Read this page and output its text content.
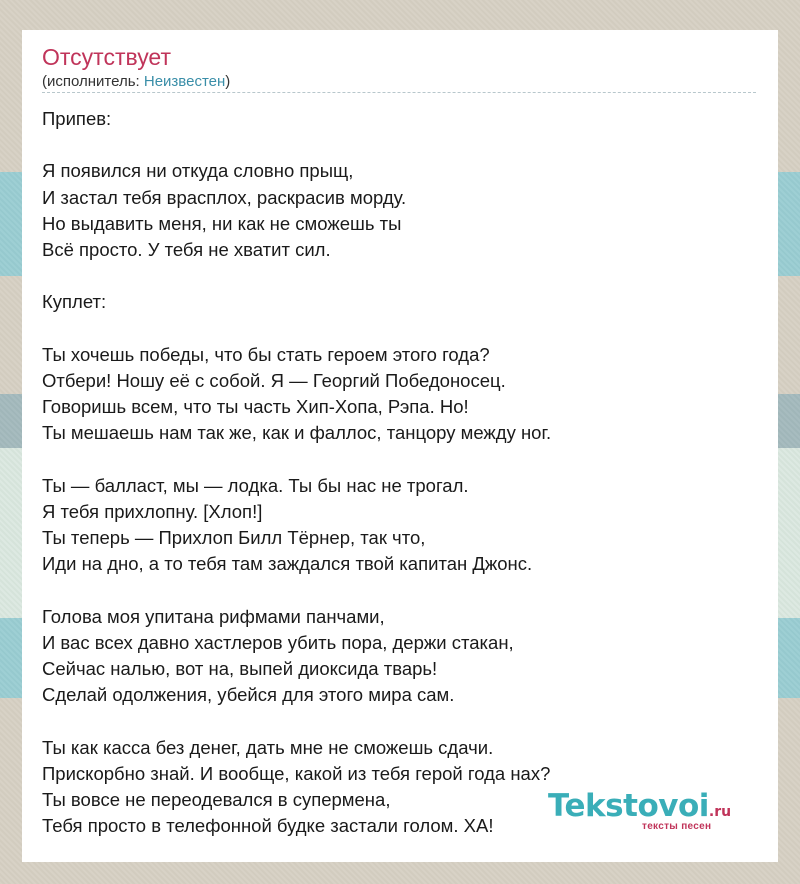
Отсутствует
(исполнитель: Неизвестен)
Припев:
Я появился ни откуда словно прыщ,
И застал тебя врасплох, раскрасив морду.
Но выдавить меня, ни как не сможешь ты
Всё просто. У тебя не хватит сил.
Куплет:
Ты хочешь победы, что бы стать героем этого года?
Отбери! Ношу её с собой. Я — Георгий Победоносец.
Говоришь всем, что ты часть Хип-Хопа, Рэпа. Но!
Ты мешаешь нам так же, как и фаллос, танцору между ног.
Ты — балласт, мы — лодка. Ты бы нас не трогал.
Я тебя прихлопну. [Хлоп!]
Ты теперь — Прихлоп Билл Тёрнер, так что,
Иди на дно, а то тебя там заждался твой капитан Джонс.
Голова моя упитана рифмами панчами,
И вас всех давно хастлеров убить пора, держи стакан,
Сейчас налью, вот на, выпей диоксида тварь!
Сделай одолжения, убейся для этого мира сам.
Ты как касса без денег, дать мне не сможешь сдачи.
Прискорбно знай. И вообще, какой из тебя герой года нах?
Ты вовсе не переодевался в супермена,
Тебя просто в телефонной будке застали голом. ХА!
Tekstovoi.ru
тексты песен
